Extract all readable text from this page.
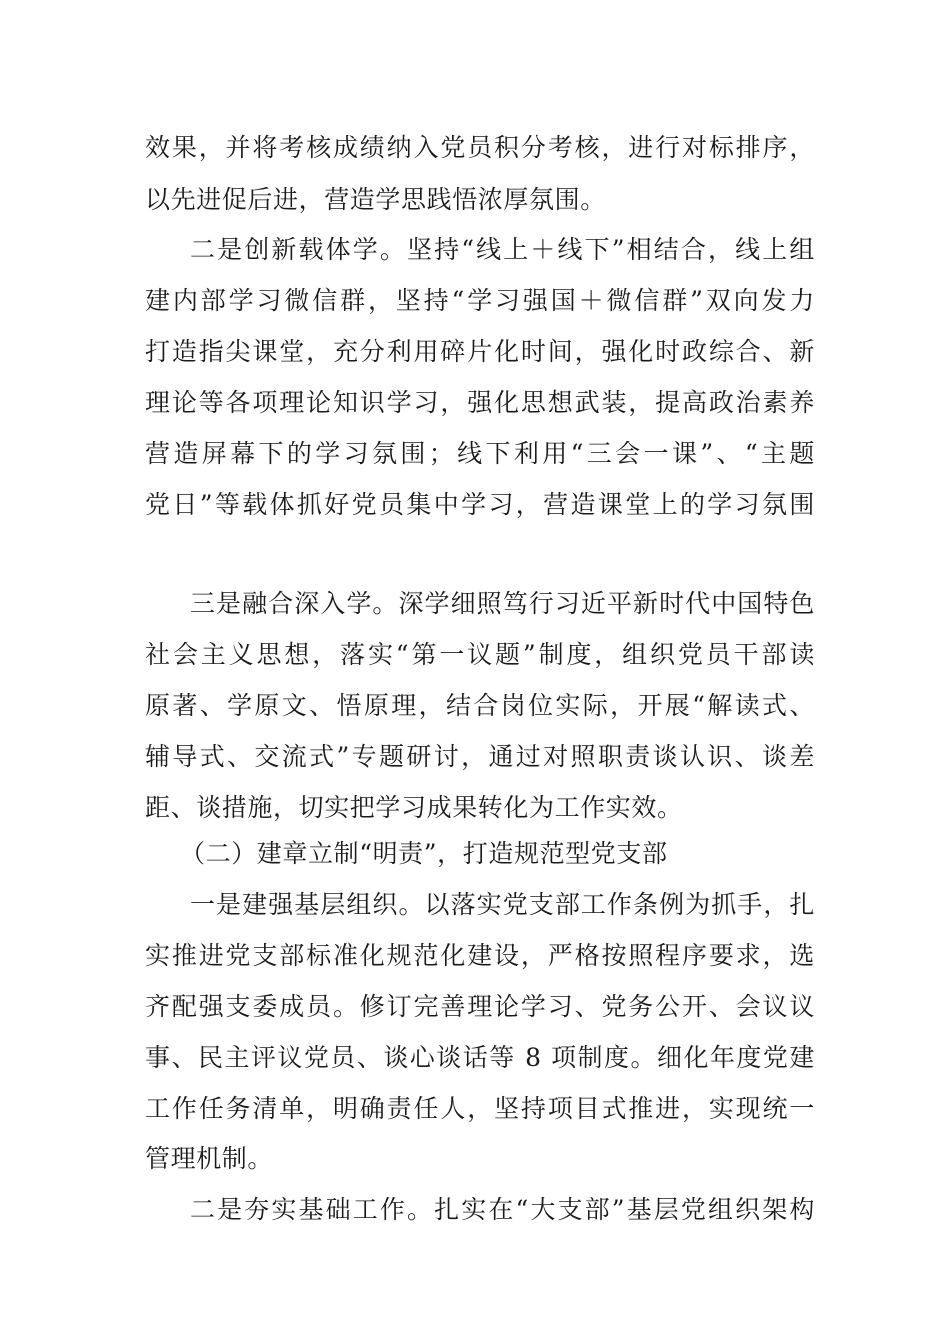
效果，并将考核成绩纳入党员积分考核，进行对标排序，
以先进促后进，营造学思践悟浓厚氛围。
二是创新载体学。坚持“线上＋线下”相结合，线上组
建内部学习微信群，坚持“学习强国＋微信群”双向发力
打造指尖课堂，充分利用碎片化时间，强化时政综合、新
理论等各项理论知识学习，强化思想武装，提高政治素养
营造屏幕下的学习氛围；线下利用“三会一课”、“主题
党日”等载体抓好党员集中学习，营造课堂上的学习氛围
三是融合深入学。深学细照笃行习近平新时代中国特色
社会主义思想，落实“第一议题”制度，组织党员干部读
原著、学原文、悟原理，结合岗位实际，开展“解读式、
辅导式、交流式”专题研讨，通过对照职责谈认识、谈差
距、谈措施，切实把学习成果转化为工作实效。
（二）建章立制“明责”，打造规范型党支部
一是建强基层组织。以落实党支部工作条例为抓手，扎
实推进党支部标准化规范化建设，严格按照程序要求，选
齐配强支委成员。修订完善理论学习、党务公开、会议议
事、民主评议党员、谈心谈话等 8 项制度。细化年度党建
工作任务清单，明确责任人，坚持项目式推进，实现统一
管理机制。
二是夯实基础工作。扎实在“大支部”基层党组织架构
